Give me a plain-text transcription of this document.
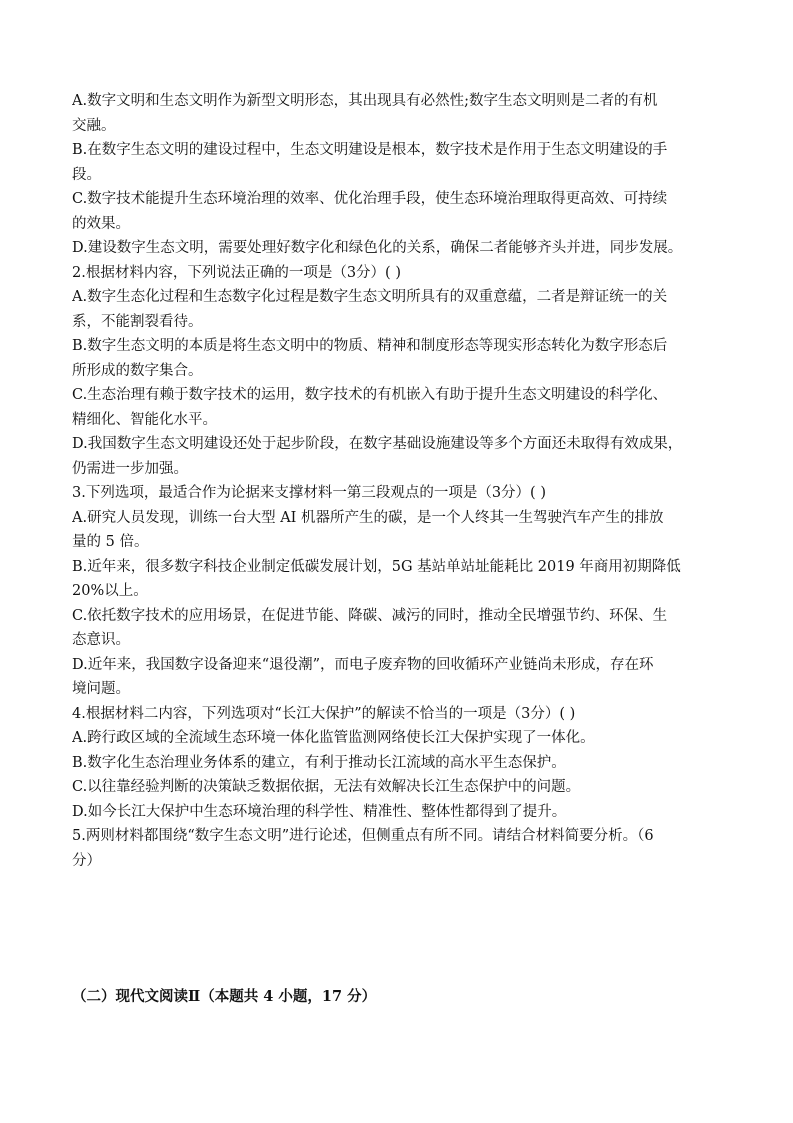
A.数字文明和生态文明作为新型文明形态，其出现具有必然性;数字生态文明则是二者的有机
交融。
B.在数字生态文明的建设过程中，生态文明建设是根本，数字技术是作用于生态文明建设的手
段。
C.数字技术能提升生态环境治理的效率、优化治理手段，使生态环境治理取得更高效、可持续
的效果。
D.建设数字生态文明，需要处理好数字化和绿色化的关系，确保二者能够齐头并进，同步发展。
2.根据材料内容，下列说法正确的一项是（3分）( )
A.数字生态化过程和生态数字化过程是数字生态文明所具有的双重意蕴，二者是辩证统一的关
系，不能割裂看待。
B.数字生态文明的本质是将生态文明中的物质、精神和制度形态等现实形态转化为数字形态后
所形成的数字集合。
C.生态治理有赖于数字技术的运用，数字技术的有机嵌入有助于提升生态文明建设的科学化、
精细化、智能化水平。
D.我国数字生态文明建设还处于起步阶段，在数字基础设施建设等多个方面还未取得有效成果，
仍需进一步加强。
3.下列选项，最适合作为论据来支撑材料一第三段观点的一项是（3分）( )
A.研究人员发现，训练一台大型 AI 机器所产生的碳，是一个人终其一生驾驶汽车产生的排放
量的 5 倍。
B.近年来，很多数字科技企业制定低碳发展计划，5G 基站单站址能耗比 2019 年商用初期降低
20%以上。
C.依托数字技术的应用场景，在促进节能、降碳、减污的同时，推动全民增强节约、环保、生
态意识。
D.近年来，我国数字设备迎来“退役潮”，而电子废弃物的回收循环产业链尚未形成，存在环
境问题。
4.根据材料二内容，下列选项对“长江大保护”的解读不恰当的一项是（3分）( )
A.跨行政区域的全流域生态环境一体化监管监测网络使长江大保护实现了一体化。
B.数字化生态治理业务体系的建立，有利于推动长江流域的高水平生态保护。
C.以往靠经验判断的决策缺乏数据依据，无法有效解决长江生态保护中的问题。
D.如今长江大保护中生态环境治理的科学性、精准性、整体性都得到了提升。
5.两则材料都围绕“数字生态文明”进行论述，但侧重点有所不同。请结合材料简要分析。（6
分）
（二）现代文阅读Ⅱ（本题共 4 小题，17 分）
